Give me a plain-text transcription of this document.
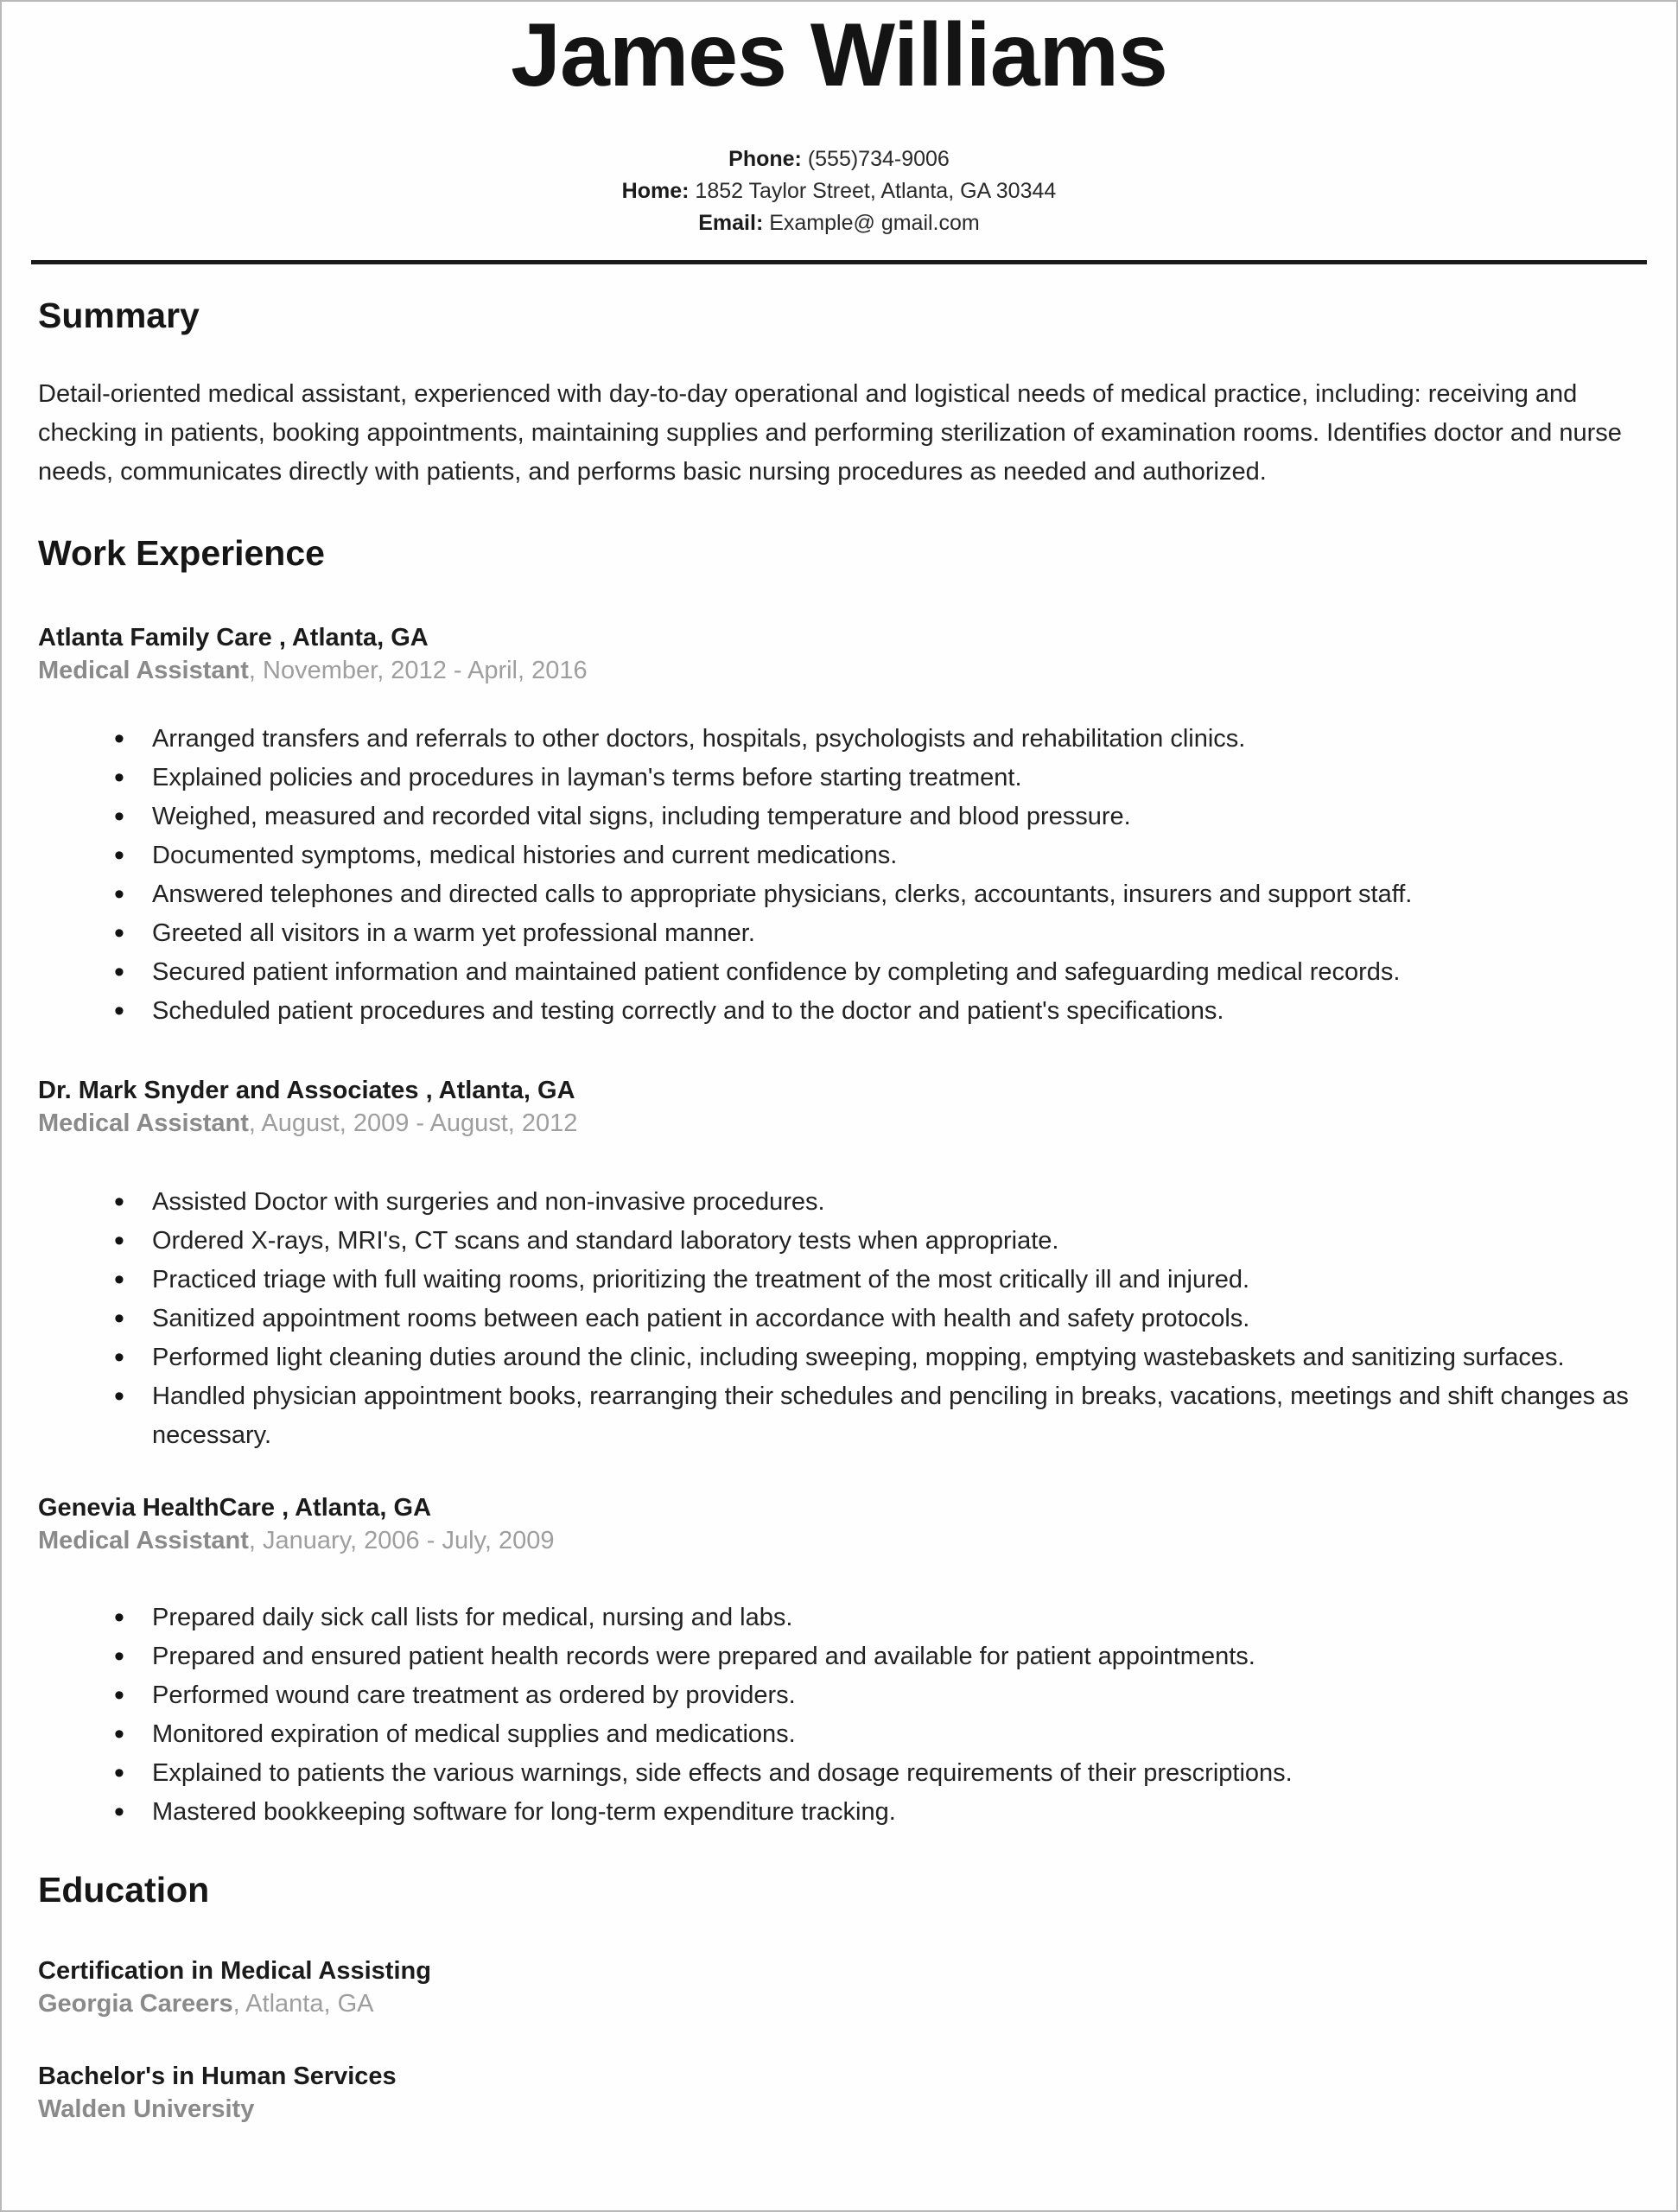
James Williams
Phone: (555)734-9006
Home: 1852 Taylor Street, Atlanta, GA 30344
Email: Example@ gmail.com
Summary

Detail-oriented medical assistant, experienced with day-to-day operational and logistical needs of medical practice, including: receiving and checking in patients, booking appointments, maintaining supplies and performing sterilization of examination rooms. Identifies doctor and nurse needs, communicates directly with patients, and performs basic nursing procedures as needed and authorized.

Work Experience
Atlanta Family Care , Atlanta, GA
Medical Assistant, November, 2012 - April, 2016
• Arranged transfers and referrals to other doctors, hospitals, psychologists and rehabilitation clinics.
• Explained policies and procedures in layman's terms before starting treatment.
• Weighed, measured and recorded vital signs, including temperature and blood pressure.
• Documented symptoms, medical histories and current medications.
• Answered telephones and directed calls to appropriate physicians, clerks, accountants, insurers and support staff.
• Greeted all visitors in a warm yet professional manner.
• Secured patient information and maintained patient confidence by completing and safeguarding medical records.
• Scheduled patient procedures and testing correctly and to the doctor and patient's specifications.
Dr. Mark Snyder and Associates , Atlanta, GA
Medical Assistant, August, 2009 - August, 2012
• Assisted Doctor with surgeries and non-invasive procedures.
• Ordered X-rays, MRI's, CT scans and standard laboratory tests when appropriate.
• Practiced triage with full waiting rooms, prioritizing the treatment of the most critically ill and injured.
• Sanitized appointment rooms between each patient in accordance with health and safety protocols.
• Performed light cleaning duties around the clinic, including sweeping, mopping, emptying wastebaskets and sanitizing surfaces.
• Handled physician appointment books, rearranging their schedules and penciling in breaks, vacations, meetings and shift changes as necessary.
Genevia HealthCare , Atlanta, GA
Medical Assistant, January, 2006 - July, 2009
• Prepared daily sick call lists for medical, nursing and labs.
• Prepared and ensured patient health records were prepared and available for patient appointments.
• Performed wound care treatment as ordered by providers.
• Monitored expiration of medical supplies and medications.
• Explained to patients the various warnings, side effects and dosage requirements of their prescriptions.
• Mastered bookkeeping software for long-term expenditure tracking.
Education
Certification in Medical Assisting
Georgia Careers, Atlanta, GA
Bachelor's in Human Services
Walden University
